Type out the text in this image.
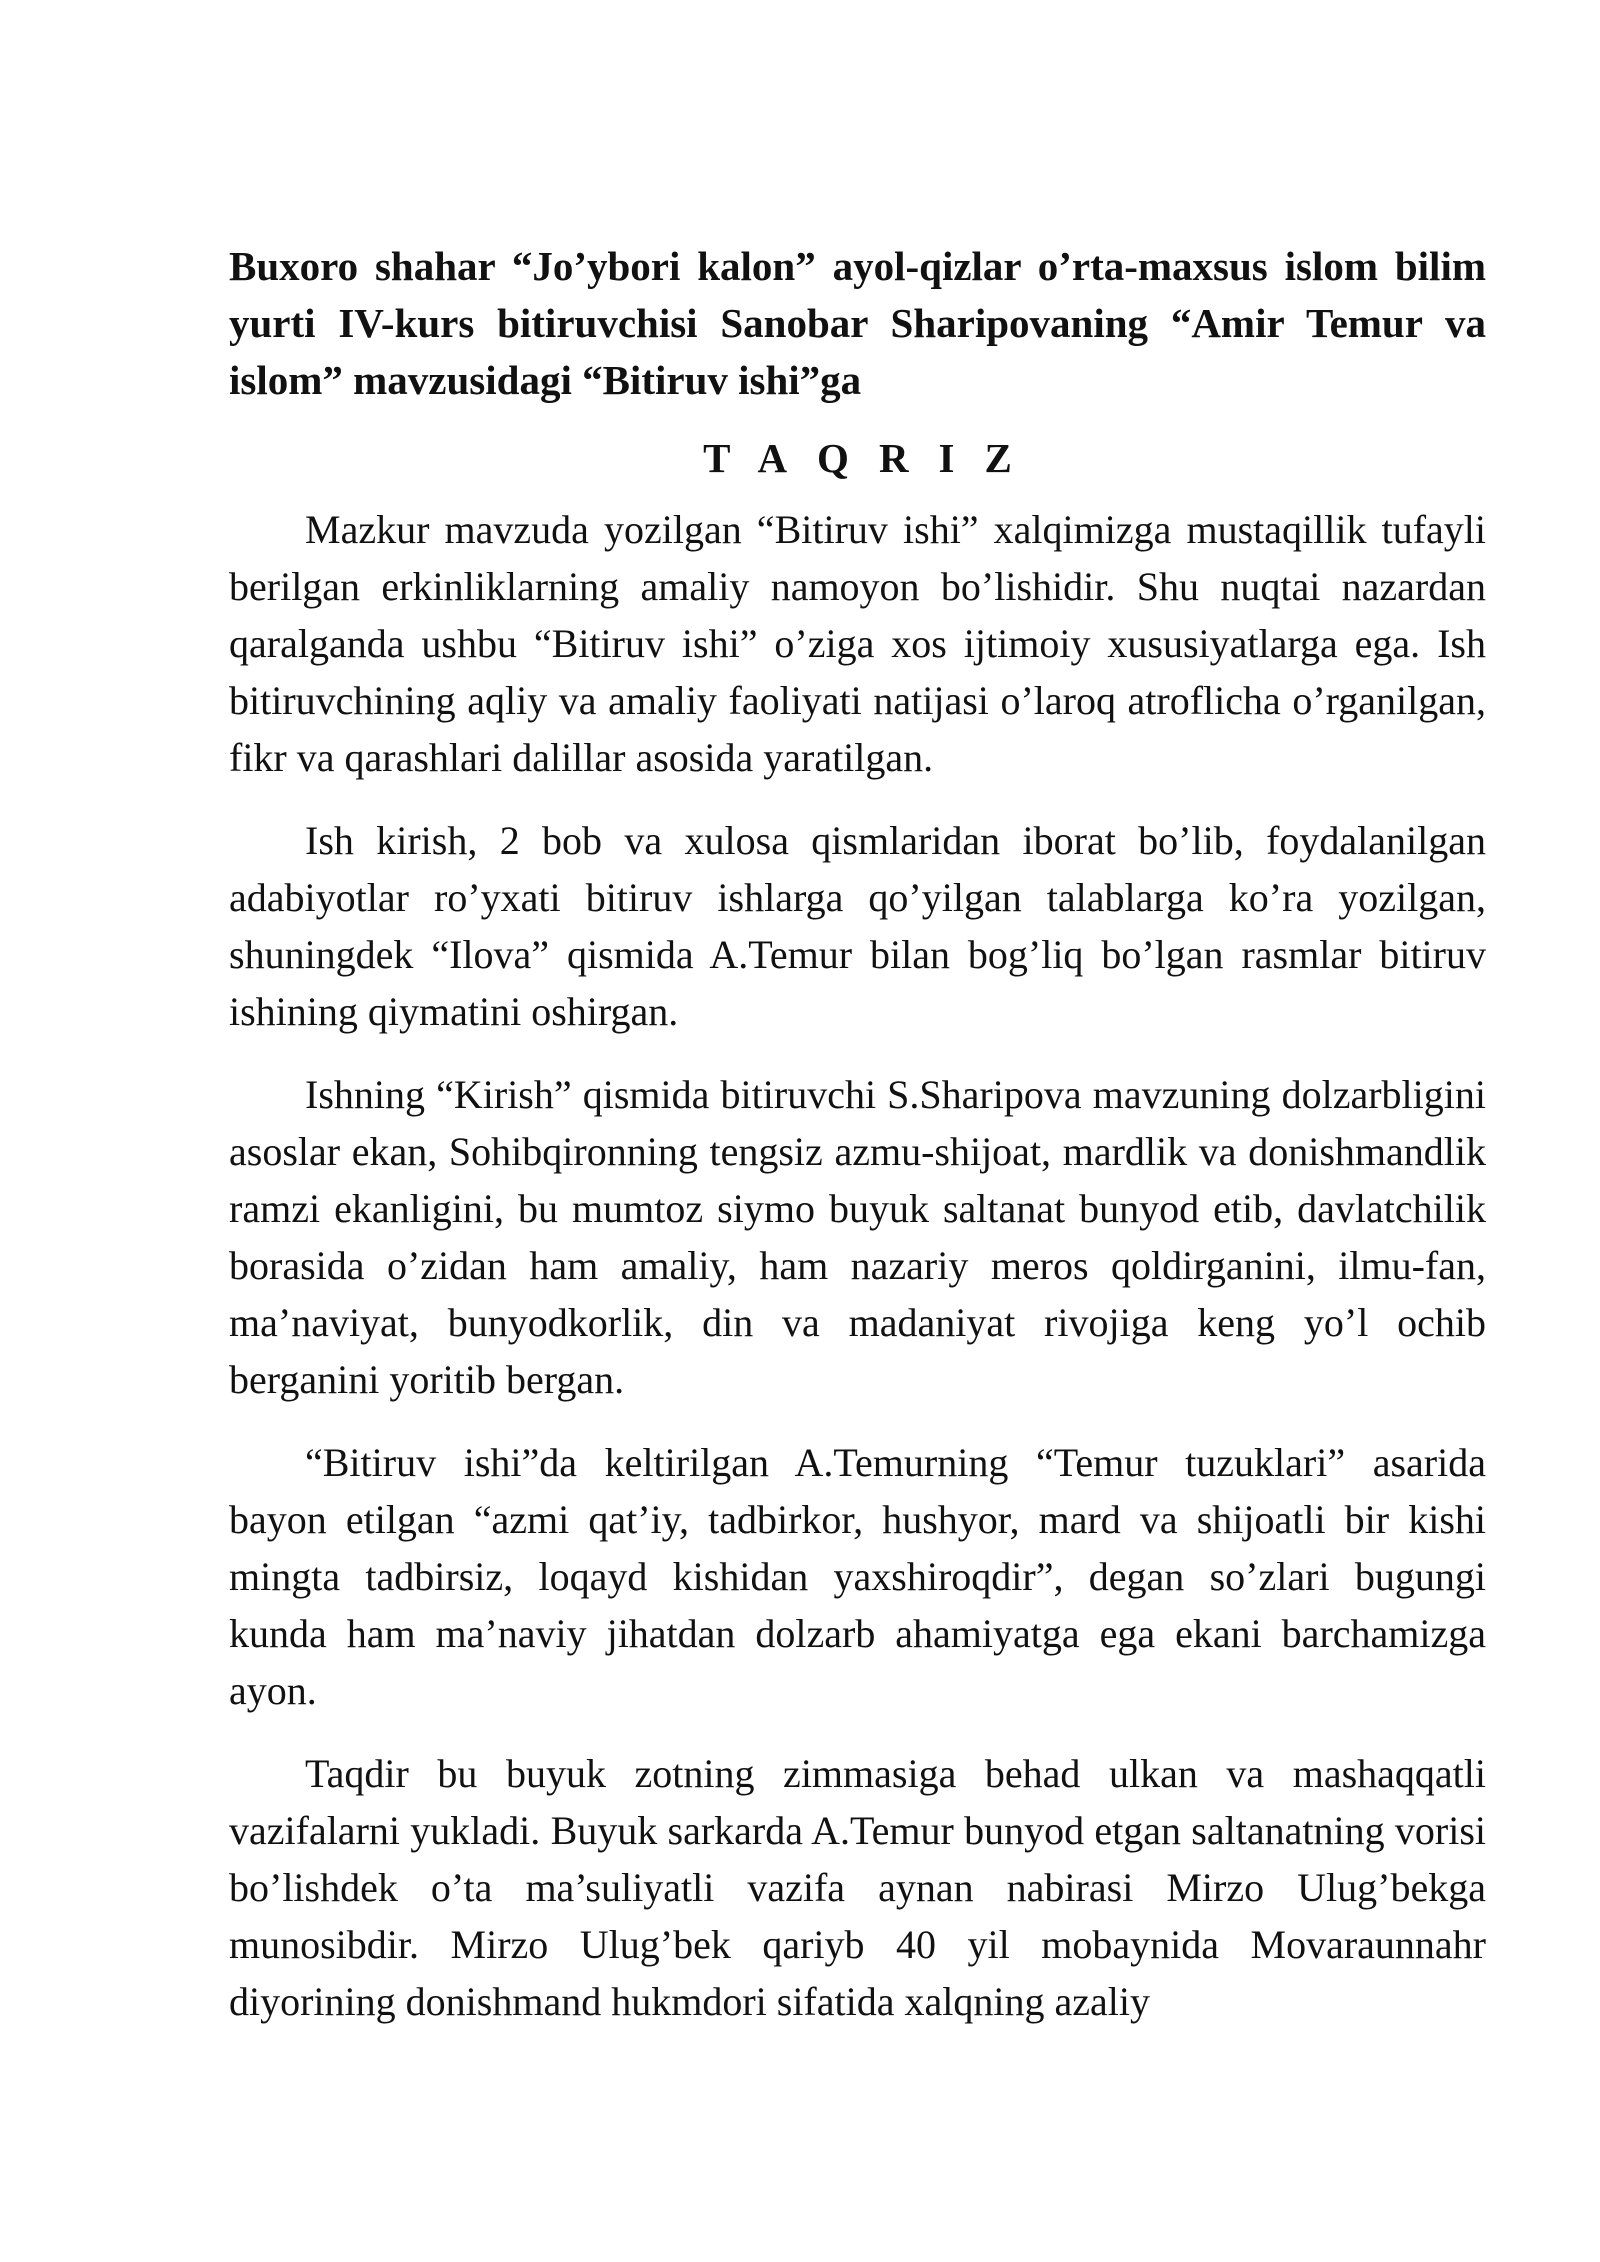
Buxoro shahar “Jo’ybori kalon” ayol-qizlar o’rta-maxsus islom bilim yurti IV-kurs bitiruvchisi Sanobar Sharipovaning “Amir Temur va islom” mavzusidagi “Bitiruv ishi”ga

TAQRIZ

Mazkur mavzuda yozilgan “Bitiruv ishi” xalqimizga mustaqillik tufayli berilgan erkinliklarning amaliy namoyon bo’lishidir. Shu nuqtai nazardan qaralganda ushbu “Bitiruv ishi” o’ziga xos ijtimoiy xususiyatlarga ega. Ish bitiruvchining aqliy va amaliy faoliyati natijasi o’laroq atroflicha o’rganilgan, fikr va qarashlari dalillar asosida yaratilgan.

Ish kirish, 2 bob va xulosa qismlaridan iborat bo’lib, foydalanilgan adabiyotlar ro’yxati bitiruv ishlarga qo’yilgan talablarga ko’ra yozilgan, shuningdek “Ilova” qismida A.Temur bilan bog’liq bo’lgan rasmlar bitiruv ishining qiymatini oshirgan.

Ishning “Kirish” qismida bitiruvchi S.Sharipova mavzuning dolzarbligini asoslar ekan, Sohibqironning tengsiz azmu-shijoat, mardlik va donishmandlik ramzi ekanligini, bu mumtoz siymo buyuk saltanat bunyod etib, davlatchilik borasida o’zidan ham amaliy, ham nazariy meros qoldirganini, ilmu-fan, ma’naviyat, bunyodkorlik, din va madaniyat rivojiga keng yo’l ochib berganini yoritib bergan.

“Bitiruv ishi”da keltirilgan A.Temurning “Temur tuzuklari” asarida bayon etilgan “azmi qat’iy, tadbirkor, hushyor, mard va shijoatli bir kishi mingta tadbirsiz, loqayd kishidan yaxshiroqdir”, degan so’zlari bugungi kunda ham ma’naviy jihatdan dolzarb ahamiyatga ega ekani barchamizga ayon.

Taqdir bu buyuk zotning zimmasiga behad ulkan va mashaqqatli vazifalarni yukladi. Buyuk sarkarda A.Temur bunyod etgan saltanatning vorisi bo’lishdek o’ta ma’suliyatli vazifa aynan nabirasi Mirzo Ulug’bekga munosibdir. Mirzo Ulug’bek qariyb 40 yil mobaynida Movaraunnahr diyorining donishmand hukmdori sifatida xalqning azaliy
